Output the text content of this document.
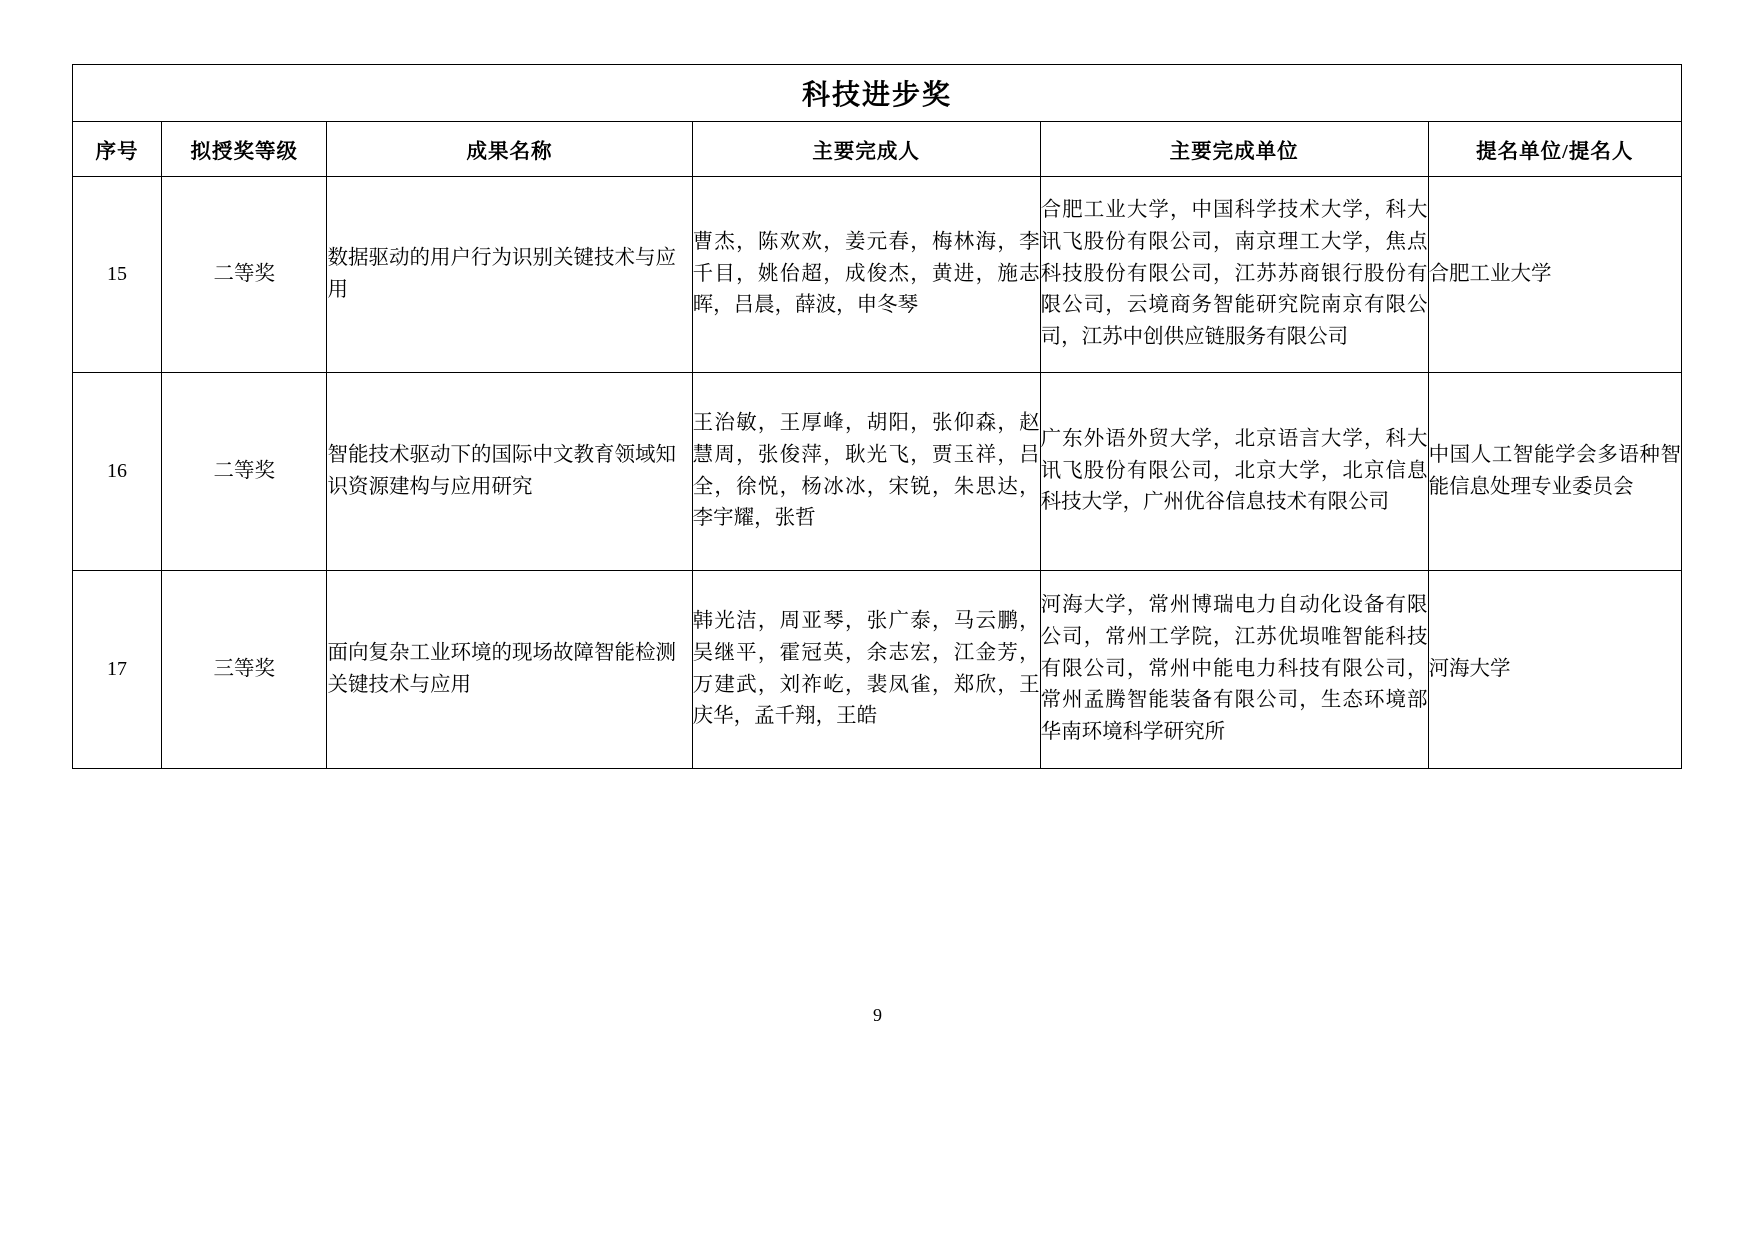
科技进步奖					
序号	拟授奖等级	成果名称	主要完成人	主要完成单位	提名单位/提名人
15	二等奖	数据驱动的用户行为识别关键技术与应用	曹杰，陈欢欢，姜元春，梅林海，李千目，姚佁超，成俊杰，黄进，施志晖，吕晨，薛波，申冬琴	合肥工业大学，中国科学技术大学，科大讯飞股份有限公司，南京理工大学，焦点科技股份有限公司，江苏苏商银行股份有限公司，云境商务智能研究院南京有限公司，江苏中创供应链服务有限公司	合肥工业大学
16	二等奖	智能技术驱动下的国际中文教育领域知识资源建构与应用研究	王治敏，王厚峰，胡阳，张仰森，赵慧周，张俊萍，耿光飞，贾玉祥，吕全，徐悦，杨冰冰，宋锐，朱思达，李宇耀，张哲	广东外语外贸大学，北京语言大学，科大讯飞股份有限公司，北京大学，北京信息科技大学，广州优谷信息技术有限公司	中国人工智能学会多语种智能信息处理专业委员会
17	三等奖	面向复杂工业环境的现场故障智能检测关键技术与应用	韩光洁，周亚琴，张广泰，马云鹏，吴继平，霍冠英，余志宏，江金芳，万建武，刘祚屹，裴凤雀，郑欣，王庆华，孟千翔，王皓	河海大学，常州博瑞电力自动化设备有限公司，常州工学院，江苏优埙唯智能科技有限公司，常州中能电力科技有限公司，常州孟腾智能装备有限公司，生态环境部华南环境科学研究所	河海大学
9
